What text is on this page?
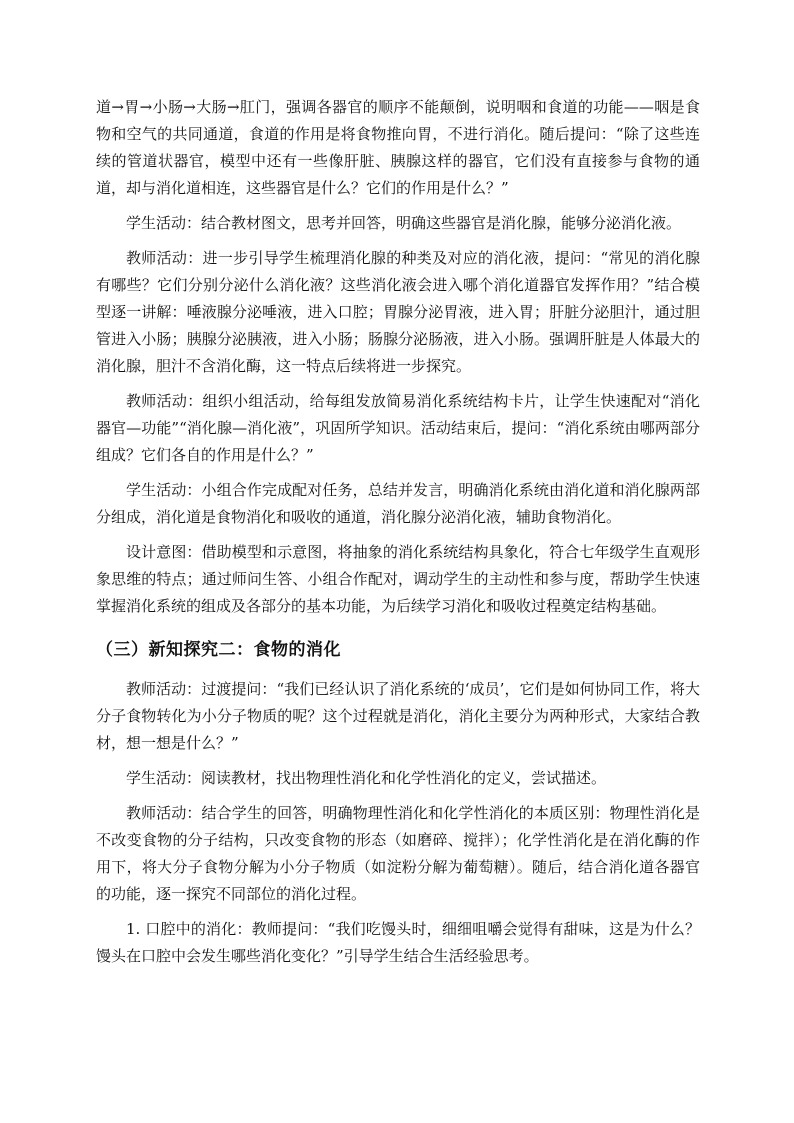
道→胃→小肠→大肠→肛门，强调各器官的顺序不能颠倒，说明咽和食道的功能——咽是食物和空气的共同通道，食道的作用是将食物推向胃，不进行消化。随后提问：“除了这些连续的管道状器官，模型中还有一些像肝脏、胰腺这样的器官，它们没有直接参与食物的通道，却与消化道相连，这些器官是什么？它们的作用是什么？”

学生活动：结合教材图文，思考并回答，明确这些器官是消化腺，能够分泌消化液。

教师活动：进一步引导学生梳理消化腺的种类及对应的消化液，提问：“常见的消化腺有哪些？它们分别分泌什么消化液？这些消化液会进入哪个消化道器官发挥作用？”结合模型逐一讲解：唾液腺分泌唾液，进入口腔；胃腺分泌胃液，进入胃；肝脏分泌胆汁，通过胆管进入小肠；胰腺分泌胰液，进入小肠；肠腺分泌肠液，进入小肠。强调肝脏是人体最大的消化腺，胆汁不含消化酶，这一特点后续将进一步探究。

教师活动：组织小组活动，给每组发放简易消化系统结构卡片，让学生快速配对“消化器官—功能”“消化腺—消化液”，巩固所学知识。活动结束后，提问：“消化系统由哪两部分组成？它们各自的作用是什么？”

学生活动：小组合作完成配对任务，总结并发言，明确消化系统由消化道和消化腺两部分组成，消化道是食物消化和吸收的通道，消化腺分泌消化液，辅助食物消化。

设计意图：借助模型和示意图，将抽象的消化系统结构具象化，符合七年级学生直观形象思维的特点；通过师问生答、小组合作配对，调动学生的主动性和参与度，帮助学生快速掌握消化系统的组成及各部分的基本功能，为后续学习消化和吸收过程奠定结构基础。

（三）新知探究二：食物的消化

教师活动：过渡提问：“我们已经认识了消化系统的‘成员’，它们是如何协同工作，将大分子食物转化为小分子物质的呢？这个过程就是消化，消化主要分为两种形式，大家结合教材，想一想是什么？”

学生活动：阅读教材，找出物理性消化和化学性消化的定义，尝试描述。

教师活动：结合学生的回答，明确物理性消化和化学性消化的本质区别：物理性消化是不改变食物的分子结构，只改变食物的形态（如磨碎、搅拌）；化学性消化是在消化酶的作用下，将大分子食物分解为小分子物质（如淀粉分解为葡萄糖）。随后，结合消化道各器官的功能，逐一探究不同部位的消化过程。

1. 口腔中的消化：教师提问：“我们吃馒头时，细细咀嚼会觉得有甜味，这是为什么？馒头在口腔中会发生哪些消化变化？”引导学生结合生活经验思考。
